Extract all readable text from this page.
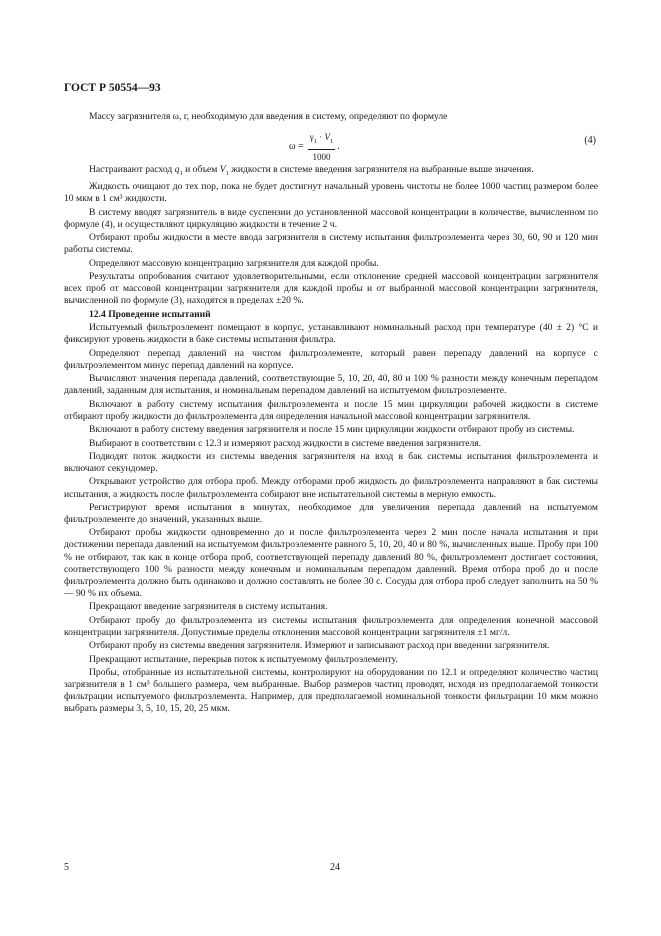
ГОСТ Р 50554—93

Массу загрязнителя ω, г, необходимую для введения в систему, определяют по формуле

$\omega = \frac{\gamma_1 \cdot V_1}{1000}$ .
(4)

Настраивают расход $q_1$ и объем $V_1$ жидкости в системе введения загрязнителя на выбранные выше значения.

Жидкость очищают до тех пор, пока не будет достигнут начальный уровень чистоты не более 1000 частиц размером более 10 мкм в 1 см³ жидкости.

В систему вводят загрязнитель в виде суспензии до установленной массовой концентрации в количестве, вычисленном по формуле (4), и осуществляют циркуляцию жидкости в течение 2 ч.

Отбирают пробы жидкости в месте ввода загрязнителя в систему испытания фильтроэлемента через 30, 60, 90 и 120 мин работы системы.

Определяют массовую концентрацию загрязнителя для каждой пробы.

Результаты опробования считают удовлетворительными, если отклонение средней массовой концентрации загрязнителя всех проб от массовой концентрации загрязнителя для каждой пробы и от выбранной массовой концентрации загрязнителя, вычисленной по формуле (3), находятся в пределах ±20 %.

12.4 Проведение испытаний

Испытуемый фильтроэлемент помещают в корпус, устанавливают номинальный расход при температуре (40 ± 2) °С и фиксируют уровень жидкости в баке системы испытания фильтра.

Определяют перепад давлений на чистом фильтроэлементе, который равен перепаду давлений на корпусе с фильтроэлементом минус перепад давлений на корпусе.

Вычисляют значения перепада давлений, соответствующие 5, 10, 20, 40, 80 и 100 % разности между конечным перепадом давлений, заданным для испытания, и номинальным перепадом давлений на испытуемом фильтроэлементе.

Включают в работу систему испытания фильтроэлемента и после 15 мин циркуляции рабочей жидкости в системе отбирают пробу жидкости до фильтроэлемента для определения начальной массовой концентрации загрязнителя.

Включают в работу систему введения загрязнителя и после 15 мин циркуляции жидкости отбирают пробу из системы.

Выбирают в соответствии с 12.3 и измеряют расход жидкости в системе введения загрязнителя.

Подводят поток жидкости из системы введения загрязнителя на вход в бак системы испытания фильтроэлемента и включают секундомер.

Открывают устройство для отбора проб. Между отборами проб жидкость до фильтроэлемента направляют в бак системы испытания, а жидкость после фильтроэлемента собирают вне испытательной системы в мерную емкость.

Регистрируют время испытания в минутах, необходимое для увеличения перепада давлений на испытуемом фильтроэлементе до значений, указанных выше.

Отбирают пробы жидкости одновременно до и после фильтроэлемента через 2 мин после начала испытания и при достижении перепада давлений на испытуемом фильтроэлементе равного 5, 10, 20, 40 и 80 %, вычисленных выше. Пробу при 100 % не отбирают, так как в конце отбора проб, соответствующей перепаду давлений 80 %, фильтроэлемент достигает состояния, соответствующего 100 % разности между конечным и номинальным перепадом давлений. Время отбора проб до и после фильтроэлемента должно быть одинаково и должно составлять не более 30 с. Сосуды для отбора проб следует заполнить на 50 % — 90 % их объема.

Прекращают введение загрязнителя в систему испытания.

Отбирают пробу до фильтроэлемента из системы испытания фильтроэлемента для определения конечной массовой концентрации загрязнителя. Допустимые пределы отклонения массовой концентрации загрязнителя ±1 мг/л.

Отбирают пробу из системы введения загрязнителя. Измеряют и записывают расход при введении загрязнителя.

Прекращают испытание, перекрыв поток к испытуемому фильтроэлементу.

Пробы, отобранные из испытательной системы, контролируют на оборудовании по 12.1 и определяют количество частиц загрязнителя в 1 см³ большего размера, чем выбранные. Выбор размеров частиц проводят, исходя из предполагаемой тонкости фильтрации испытуемого фильтроэлемента. Например, для предполагаемой номинальной тонкости фильтрации 10 мкм можно выбрать размеры 3, 5, 10, 15, 20, 25 мкм.

5	24
